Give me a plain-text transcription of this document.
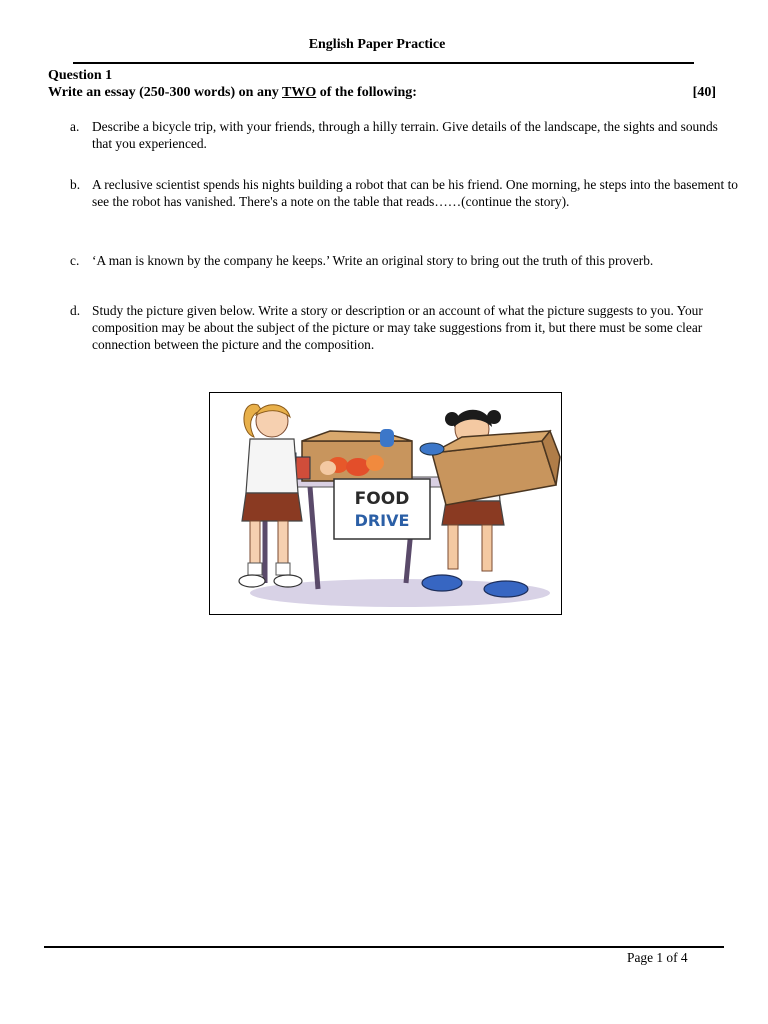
English Paper Practice
Question 1
Write an essay (250-300 words) on any TWO of the following:	[40]
a. Describe a bicycle trip, with your friends, through a hilly terrain. Give details of the landscape, the sights and sounds that you experienced.
b. A reclusive scientist spends his nights building a robot that can be his friend. One morning, he steps into the basement to see the robot has vanished. There's a note on the table that reads……(continue the story).
c. ‘A man is known by the company he keeps.’ Write an original story to bring out the truth of this proverb.
d. Study the picture given below. Write a story or description or an account of what the picture suggests to you. Your composition may be about the subject of the picture or may take suggestions from it, but there must be some clear connection between the picture and the composition.
FOOD
DRIVE
Page 1 of 4
